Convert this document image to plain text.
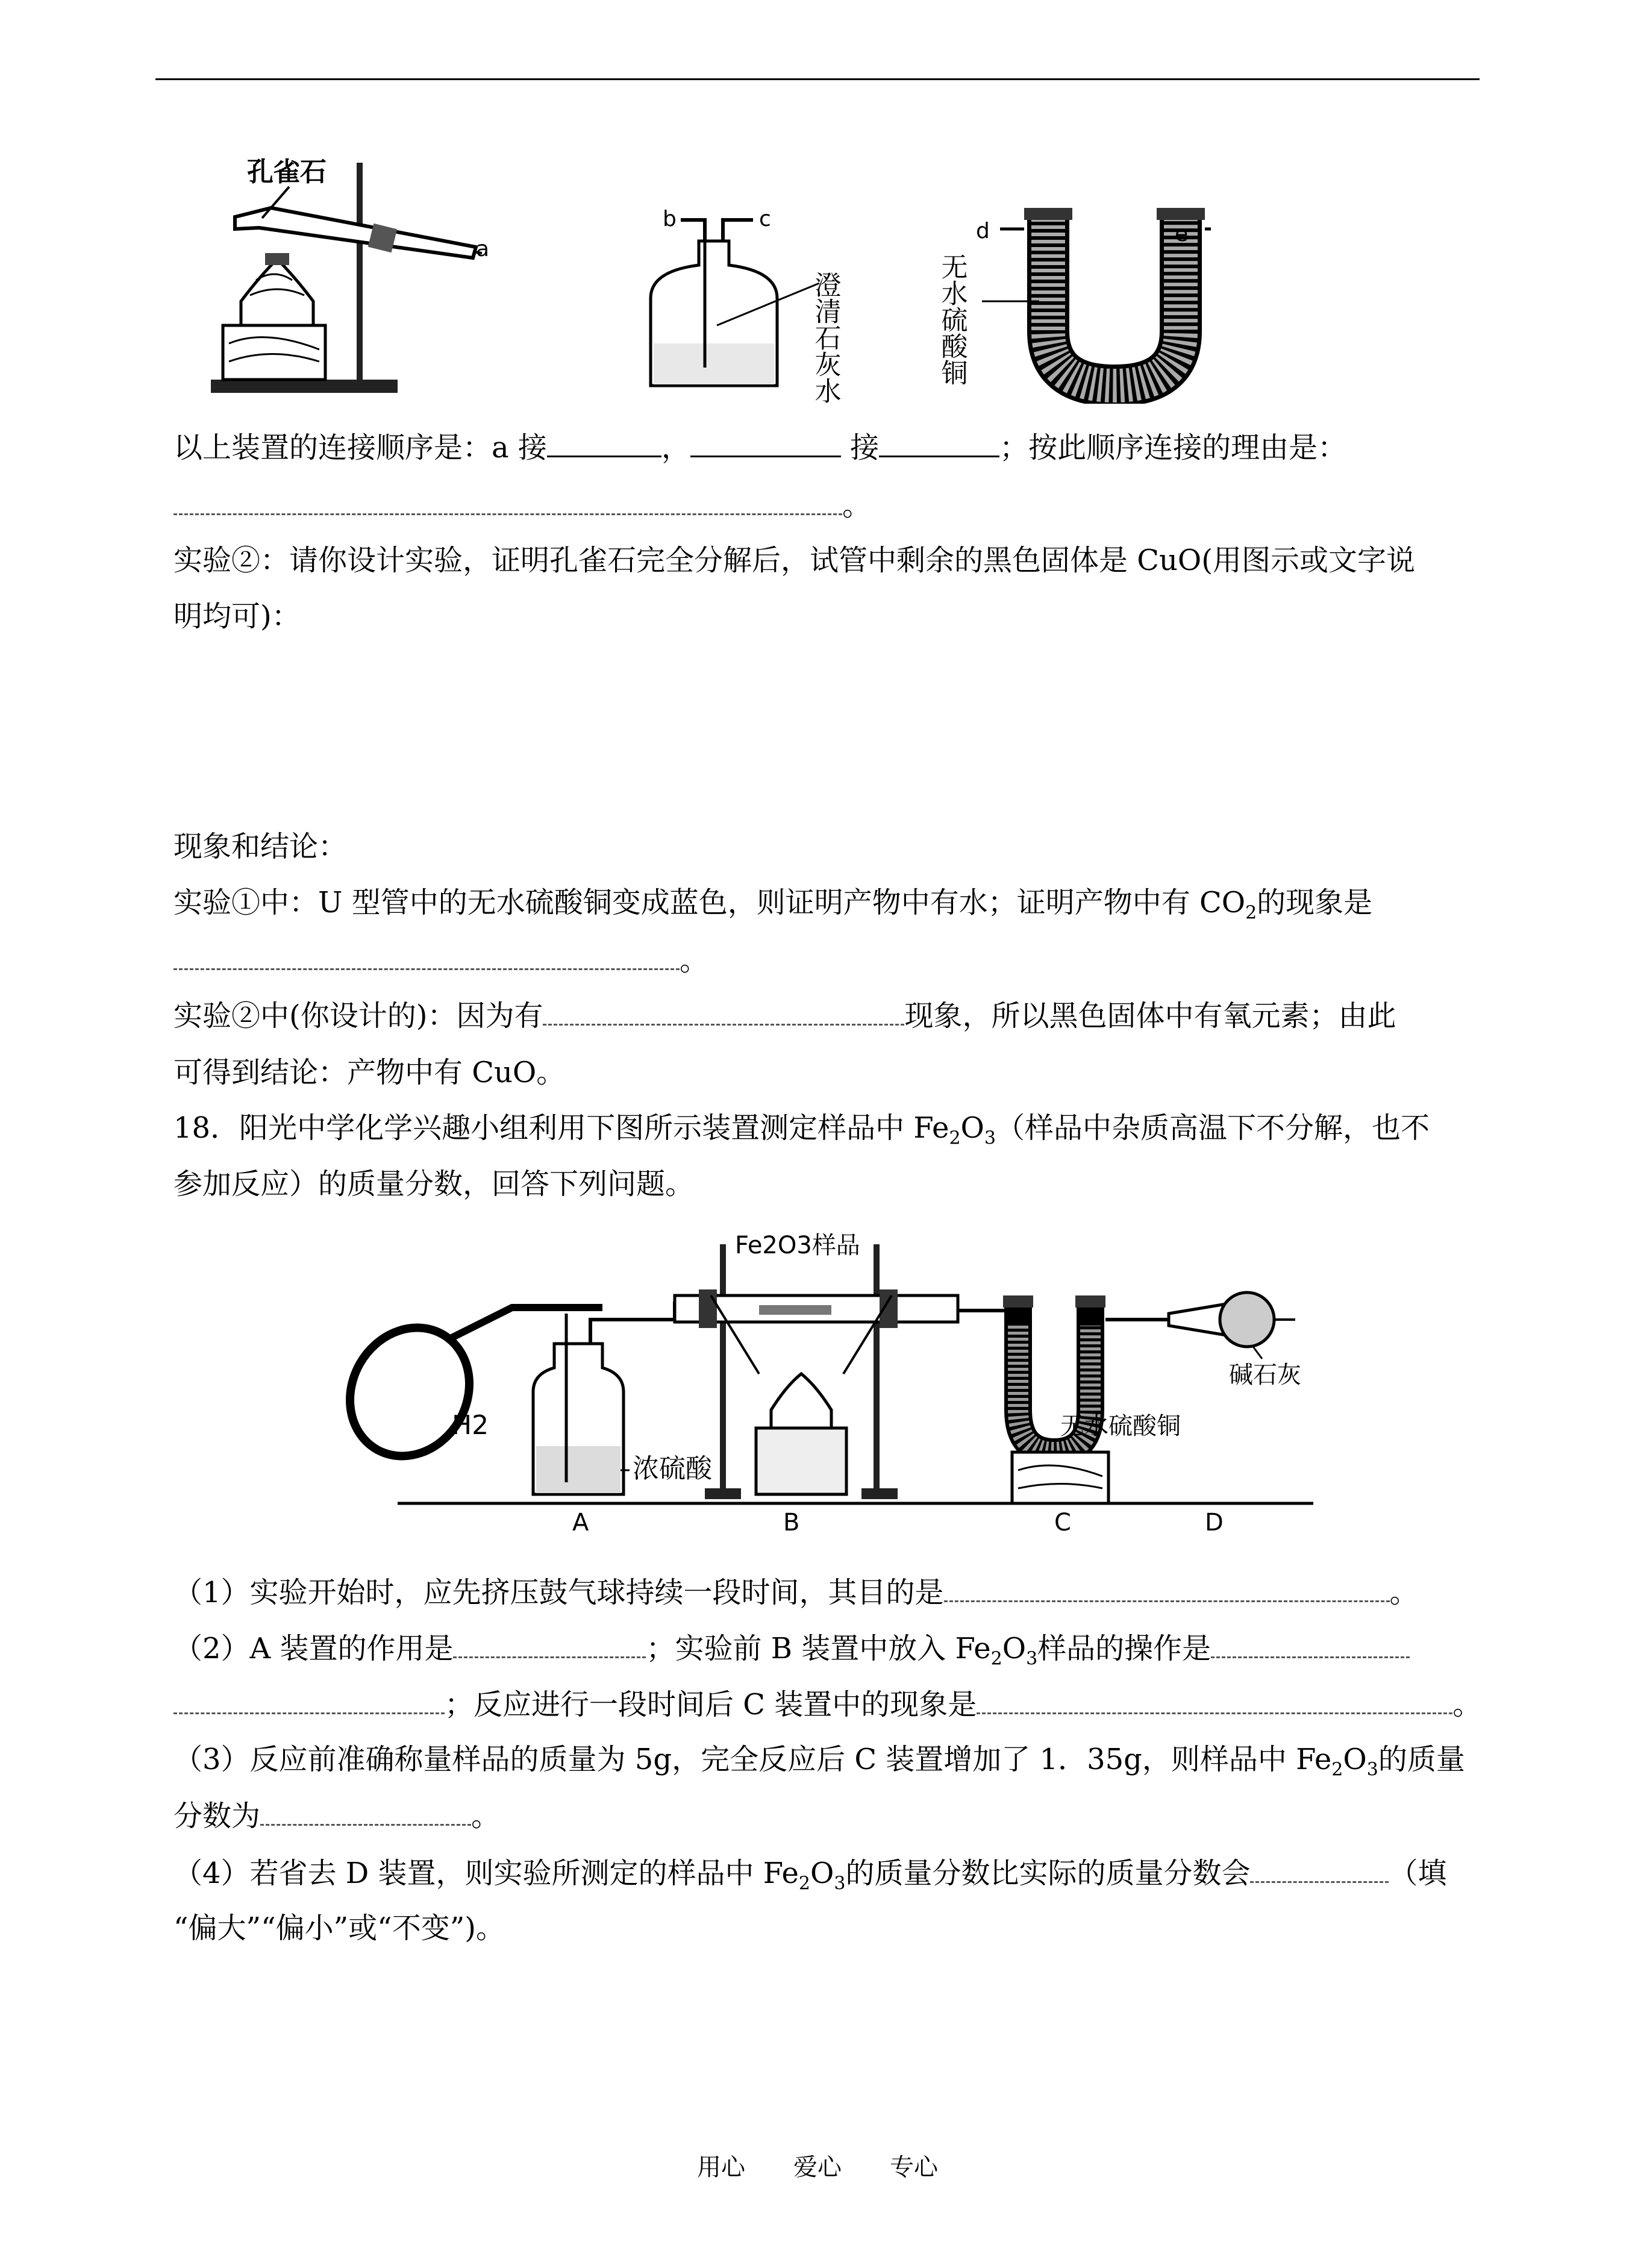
孔雀石
a
b	c
澄清石灰水
d
无水硫酸铜
e
以上装置的连接顺序是：a 接	，	接	；按此顺序连接的理由是：
。
实验②：请你设计实验，证明孔雀石完全分解后，试管中剩余的黑色固体是 CuO(用图示或文字说
明均可)：
现象和结论：
实验①中：U 型管中的无水硫酸铜变成蓝色，则证明产物中有水；证明产物中有 $CO_2$的现象是
。
实验②中(你设计的)：因为有	现象，所以黑色固体中有氧元素；由此
可得到结论：产物中有 CuO。
18．阳光中学化学兴趣小组利用下图所示装置测定样品中 $Fe_2O_3$（样品中杂质高温下不分解，也不
参加反应）的质量分数，回答下列问题。
H2
浓硫酸
A
Fe2O3样品
B
无水硫酸铜
C
碱石灰
D
（1）实验开始时，应先挤压鼓气球持续一段时间，其目的是	。
（2）A 装置的作用是	；实验前 B 装置中放入 $Fe_2O_3$样品的操作是
；反应进行一段时间后 C 装置中的现象是	。
（3）反应前准确称量样品的质量为 5g，完全反应后 C 装置增加了 1．35g，则样品中 $Fe_2O_3$的质量
分数为	。
（4）若省去 D 装置，则实验所测定的样品中 $Fe_2O_3$的质量分数比实际的质量分数会	（填
“偏大”“偏小”或“不变”)。
用心 爱心 专心
